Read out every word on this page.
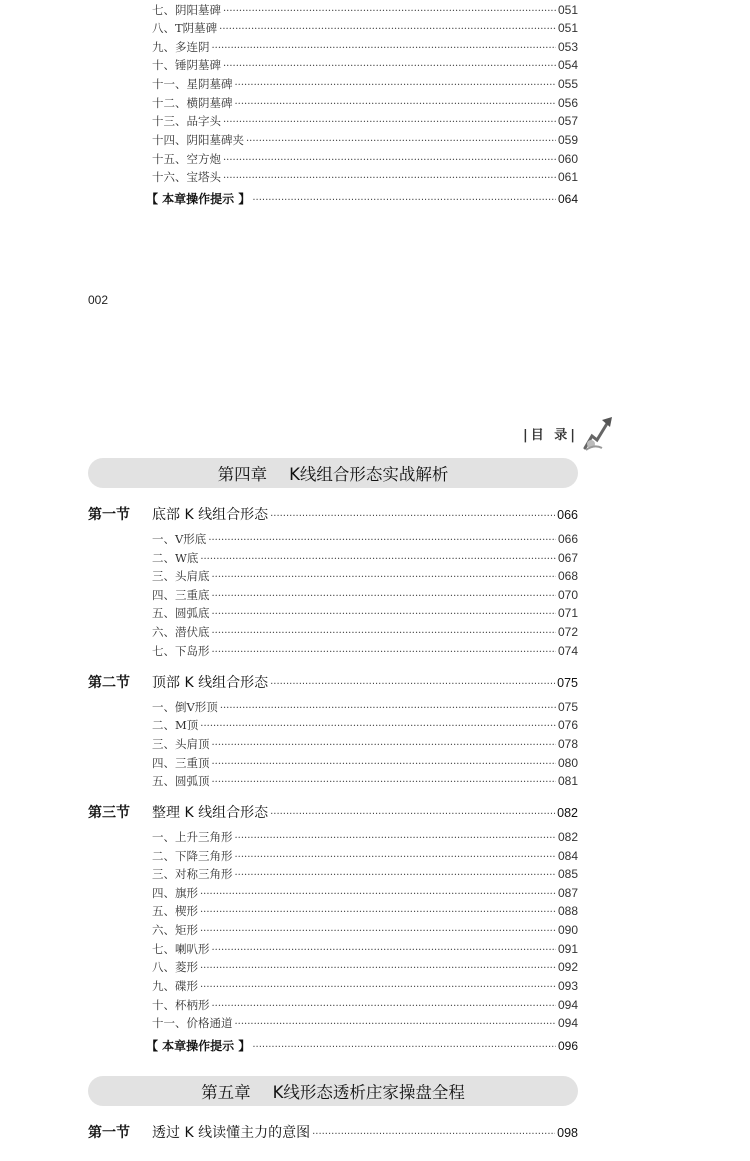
七、阴阳墓碑 ·····	051
八、T阴墓碑 ·····	051
九、多连阴 ·····	053
十、锤阴墓碑 ·····	054
十一、星阴墓碑 ·····	055
十二、横阴墓碑 ·····	056
十三、品字头 ·····	057
十四、阴阳墓碑夹 ·····	059
十五、空方炮 ·····	060
十六、宝塔头 ·····	061
【 本章操作提示 】 ·····	064
002
|目 录|
第四章 K线组合形态实战解析
第一节 底部 K 线组合形态 ·····	066
一、V形底 ·····	066
二、W底 ·····	067
三、头肩底 ·····	068
四、三重底 ·····	070
五、圆弧底 ·····	071
六、潜伏底 ·····	072
七、下岛形 ·····	074
第二节 顶部 K 线组合形态 ·····	075
一、倒V形顶 ·····	075
二、M顶 ·····	076
三、头肩顶 ·····	078
四、三重顶 ·····	080
五、圆弧顶 ·····	081
第三节 整理 K 线组合形态 ·····	082
一、上升三角形 ·····	082
二、下降三角形 ·····	084
三、对称三角形 ·····	085
四、旗形 ·····	087
五、楔形 ·····	088
六、矩形 ·····	090
七、喇叭形 ·····	091
八、菱形 ·····	092
九、碟形 ·····	093
十、杯柄形 ·····	094
十一、价格通道 ·····	094
【 本章操作提示 】 ·····	096
第五章 K线形态透析庄家操盘全程
第一节 透过 K 线读懂主力的意图 ·····	098
